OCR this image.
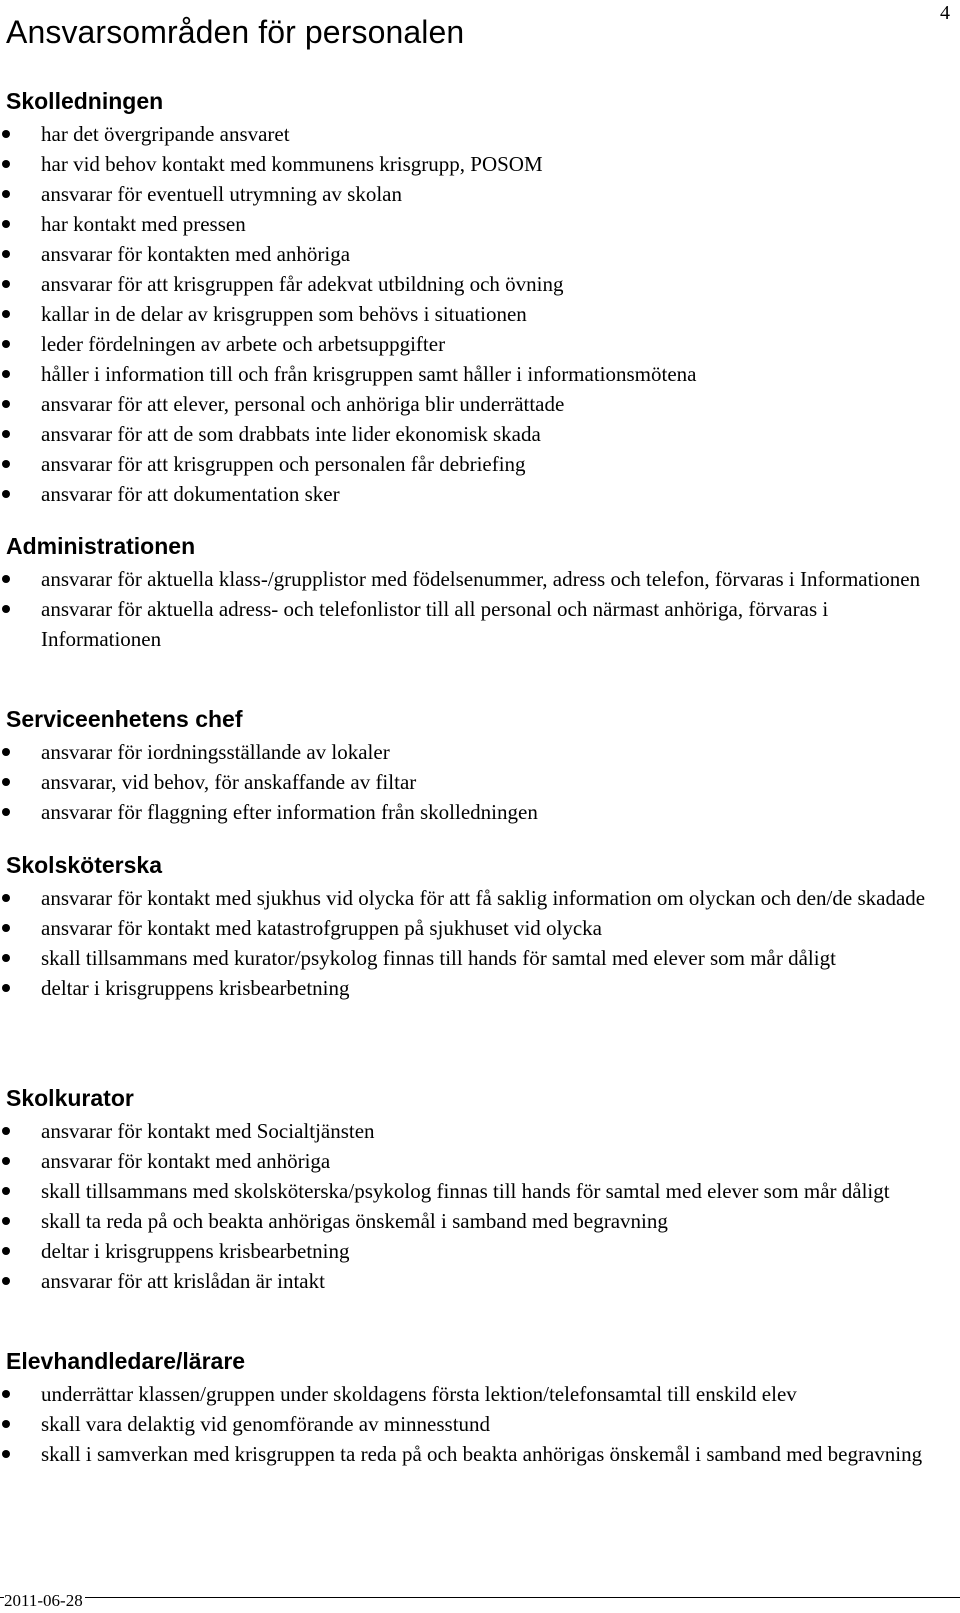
4
Ansvarsområden för personalen
Skolledningen
har det övergripande ansvaret
har vid behov kontakt med kommunens krisgrupp, POSOM
ansvarar för eventuell utrymning av skolan
har kontakt med pressen
ansvarar för kontakten med anhöriga
ansvarar för att krisgruppen får adekvat utbildning och övning
kallar in de delar av krisgruppen som behövs i situationen
leder fördelningen av arbete och arbetsuppgifter
håller i information till och från krisgruppen samt håller i informationsmötena
ansvarar för att elever, personal och anhöriga blir underrättade
ansvarar för att de som drabbats inte lider ekonomisk skada
ansvarar för att krisgruppen och personalen får debriefing
ansvarar för att dokumentation sker
Administrationen
ansvarar för aktuella klass-/grupplistor med födelsenummer, adress och telefon, förvaras i Informationen
ansvarar för aktuella adress- och telefonlistor till all personal och närmast anhöriga, förvaras i Informationen
Serviceenhetens chef
ansvarar för iordningsställande av lokaler
ansvarar, vid behov, för anskaffande av filtar
ansvarar för flaggning efter information från skolledningen
Skolsköterska
ansvarar för kontakt med sjukhus vid olycka för att få saklig information om olyckan och den/de skadade
ansvarar för kontakt med katastrofgruppen på sjukhuset vid olycka
skall tillsammans med kurator/psykolog finnas till hands för samtal med elever som mår dåligt
deltar i krisgruppens krisbearbetning
Skolkurator
ansvarar för kontakt med Socialtjänsten
ansvarar för kontakt med anhöriga
skall tillsammans med skolsköterska/psykolog finnas till hands för samtal med elever som mår dåligt
skall ta reda på och beakta anhörigas önskemål i samband med begravning
deltar i krisgruppens krisbearbetning
ansvarar för att krislådan är intakt
Elevhandledare/lärare
underrättar klassen/gruppen under skoldagens första lektion/telefonsamtal till enskild elev
skall vara delaktig vid genomförande av minnesstund
skall i samverkan med krisgruppen ta reda på och beakta anhörigas önskemål i samband med begravning
2011-06-28
